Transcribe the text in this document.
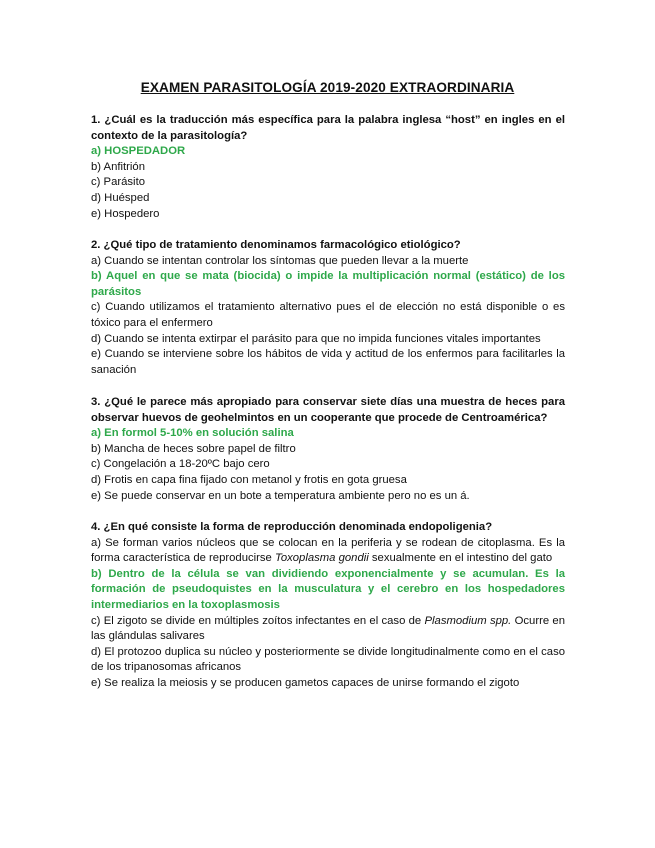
EXAMEN PARASITOLOGÍA 2019-2020 EXTRAORDINARIA

1. ¿Cuál es la traducción más específica para la palabra inglesa “host” en ingles en el contexto de la parasitología?

a) HOSPEDADOR

b) Anfitrión

c) Parásito

d) Huésped

e) Hospedero

2. ¿Qué tipo de tratamiento denominamos farmacológico etiológico?

a) Cuando se intentan controlar los síntomas que pueden llevar a la muerte

b) Aquel en que se mata (biocida) o impide la multiplicación normal (estático) de los parásitos

c) Cuando utilizamos el tratamiento alternativo pues el de elección no está disponible o es tóxico para el enfermero

d) Cuando se intenta extirpar el parásito para que no impida funciones vitales importantes

e) Cuando se interviene sobre los hábitos de vida y actitud de los enfermos para facilitarles la sanación

3. ¿Qué le parece más apropiado para conservar siete días una muestra de heces para observar huevos de geohelmintos en un cooperante que procede de Centroamérica?

a) En formol 5-10% en solución salina

b) Mancha de heces sobre papel de filtro

c) Congelación a 18-20ºC bajo cero

d) Frotis en capa fina fijado con metanol y frotis en gota gruesa

e) Se puede conservar en un bote a temperatura ambiente pero no es un á.

4. ¿En qué consiste la forma de reproducción denominada endopoligenia?

a) Se forman varios núcleos que se colocan en la periferia y se rodean de citoplasma. Es la forma característica de reproducirse Toxoplasma gondii sexualmente en el intestino del gato

b) Dentro de la célula se van dividiendo exponencialmente y se acumulan. Es la formación de pseudoquistes en la musculatura y el cerebro en los hospedadores intermediarios en la toxoplasmosis

c) El zigoto se divide en múltiples zoítos infectantes en el caso de Plasmodium spp. Ocurre en las glándulas salivares

d) El protozoo duplica su núcleo y posteriormente se divide longitudinalmente como en el caso de los tripanosomas africanos

e) Se realiza la meiosis y se producen gametos capaces de unirse formando el zigoto
